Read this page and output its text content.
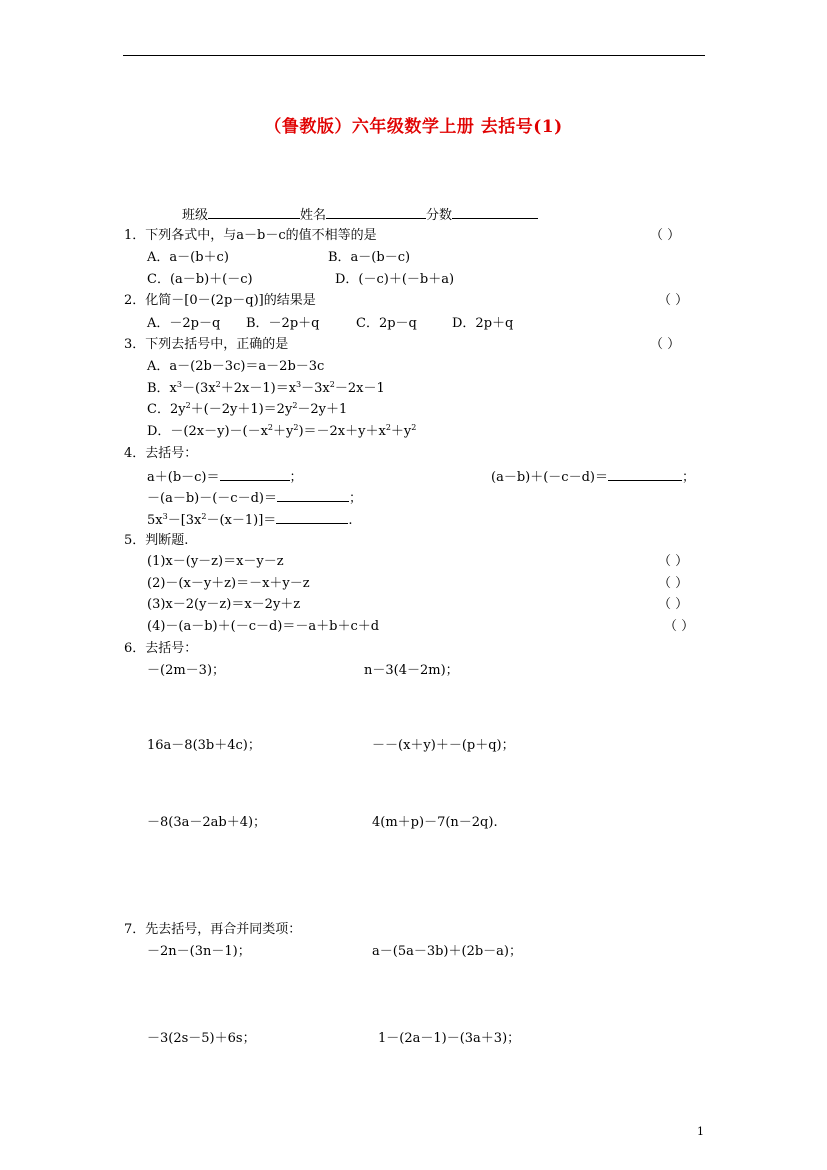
（鲁教版）六年级数学上册 去括号(1)
班级	姓名	分数
1．下列各式中，与a－b－c的值不相等的是	（ ）
A．a－(b＋c)	B．a－(b－c)
C．(a－b)＋(－c)	D．(－c)＋(－b＋a)
2．化简－[0－(2p－q)]的结果是	（ ）
A．－2p－q B．－2p＋q	C．2p－q	D．2p＋q
3．下列去括号中，正确的是	（ ）
A．a－(2b－3c)＝a－2b－3c
B．$x^3-(3x^2+2x-1)=x^3-3x^2-2x-1$
C．$2y^2+(-2y+1)=2y^2-2y+1$
D．$-(2x-y)-(-x^2+y^2)=-2x+y+x^2+y^2$
4．去括号：
a＋(b－c)＝	；	(a－b)＋(－c－d)＝	；
－(a－b)－(－c－d)＝	；
$5x^3-[3x^2-(x-1)]=$	.
5．判断题.
(1)x－(y－z)＝x－y－z	（ ）
(2)－(x－y＋z)＝－x＋y－z	（ ）
(3)x－2(y－z)＝x－2y＋z	（ ）
(4)－(a－b)＋(－c－d)＝－a＋b＋c＋d	（ ）
6．去括号：
－(2m－3)；	n－3(4－2m)；
16a－8(3b＋4c)；	－－(x＋y)＋－(p＋q)；
－8(3a－2ab＋4)；	4(m＋p)－7(n－2q).
7．先去括号，再合并同类项：
－2n－(3n－1)；	a－(5a－3b)＋(2b－a)；
－3(2s－5)＋6s；	1－(2a－1)－(3a＋3)；
1
